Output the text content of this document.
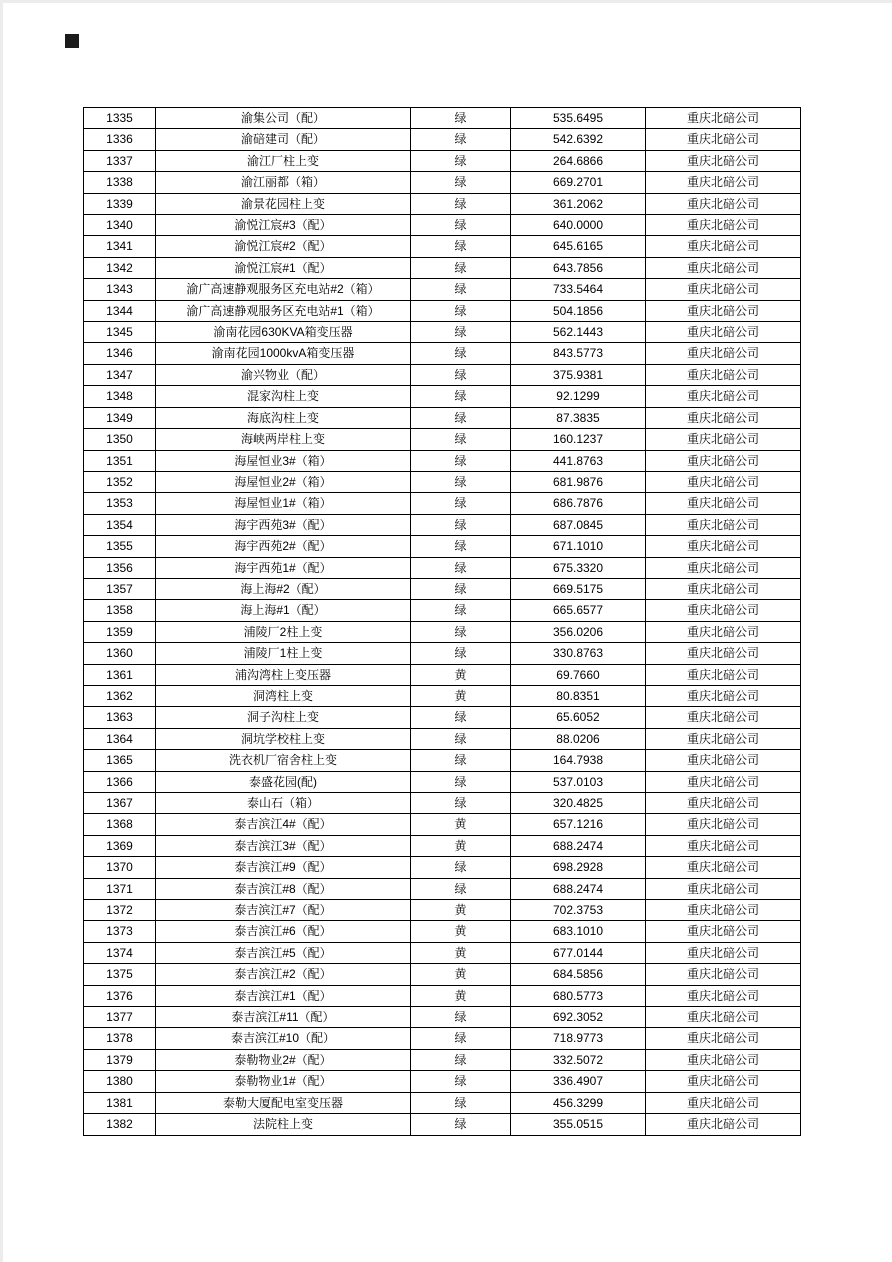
1335	渝集公司（配）	绿	535.6495	重庆北碚公司
1336	渝碚建司（配）	绿	542.6392	重庆北碚公司
1337	渝江厂柱上变	绿	264.6866	重庆北碚公司
1338	渝江丽都（箱）	绿	669.2701	重庆北碚公司
1339	渝景花园柱上变	绿	361.2062	重庆北碚公司
1340	渝悦江宸#3（配）	绿	640.0000	重庆北碚公司
1341	渝悦江宸#2（配）	绿	645.6165	重庆北碚公司
1342	渝悦江宸#1（配）	绿	643.7856	重庆北碚公司
1343	渝广高速静观服务区充电站#2（箱）	绿	733.5464	重庆北碚公司
1344	渝广高速静观服务区充电站#1（箱）	绿	504.1856	重庆北碚公司
1345	渝南花园630KVA箱变压器	绿	562.1443	重庆北碚公司
1346	渝南花园1000kvA箱变压器	绿	843.5773	重庆北碚公司
1347	渝兴物业（配）	绿	375.9381	重庆北碚公司
1348	混家沟柱上变	绿	92.1299	重庆北碚公司
1349	海底沟柱上变	绿	87.3835	重庆北碚公司
1350	海峡两岸柱上变	绿	160.1237	重庆北碚公司
1351	海屋恒业3#（箱）	绿	441.8763	重庆北碚公司
1352	海屋恒业2#（箱）	绿	681.9876	重庆北碚公司
1353	海屋恒业1#（箱）	绿	686.7876	重庆北碚公司
1354	海宇西苑3#（配）	绿	687.0845	重庆北碚公司
1355	海宇西苑2#（配）	绿	671.1010	重庆北碚公司
1356	海宇西苑1#（配）	绿	675.3320	重庆北碚公司
1357	海上海#2（配）	绿	669.5175	重庆北碚公司
1358	海上海#1（配）	绿	665.6577	重庆北碚公司
1359	浦陵厂2柱上变	绿	356.0206	重庆北碚公司
1360	浦陵厂1柱上变	绿	330.8763	重庆北碚公司
1361	浦沟湾柱上变压器	黄	69.7660	重庆北碚公司
1362	洞湾柱上变	黄	80.8351	重庆北碚公司
1363	洞子沟柱上变	绿	65.6052	重庆北碚公司
1364	洞坑学校柱上变	绿	88.0206	重庆北碚公司
1365	洗衣机厂宿舍柱上变	绿	164.7938	重庆北碚公司
1366	泰盛花园(配)	绿	537.0103	重庆北碚公司
1367	泰山石（箱）	绿	320.4825	重庆北碚公司
1368	泰吉滨江4#（配）	黄	657.1216	重庆北碚公司
1369	泰吉滨江3#（配）	黄	688.2474	重庆北碚公司
1370	泰吉滨江#9（配）	绿	698.2928	重庆北碚公司
1371	泰吉滨江#8（配）	绿	688.2474	重庆北碚公司
1372	泰吉滨江#7（配）	黄	702.3753	重庆北碚公司
1373	泰吉滨江#6（配）	黄	683.1010	重庆北碚公司
1374	泰吉滨江#5（配）	黄	677.0144	重庆北碚公司
1375	泰吉滨江#2（配）	黄	684.5856	重庆北碚公司
1376	泰吉滨江#1（配）	黄	680.5773	重庆北碚公司
1377	泰吉滨江#11（配）	绿	692.3052	重庆北碚公司
1378	泰吉滨江#10（配）	绿	718.9773	重庆北碚公司
1379	泰勒物业2#（配）	绿	332.5072	重庆北碚公司
1380	泰勒物业1#（配）	绿	336.4907	重庆北碚公司
1381	泰勒大厦配电室变压器	绿	456.3299	重庆北碚公司
1382	法院柱上变	绿	355.0515	重庆北碚公司
